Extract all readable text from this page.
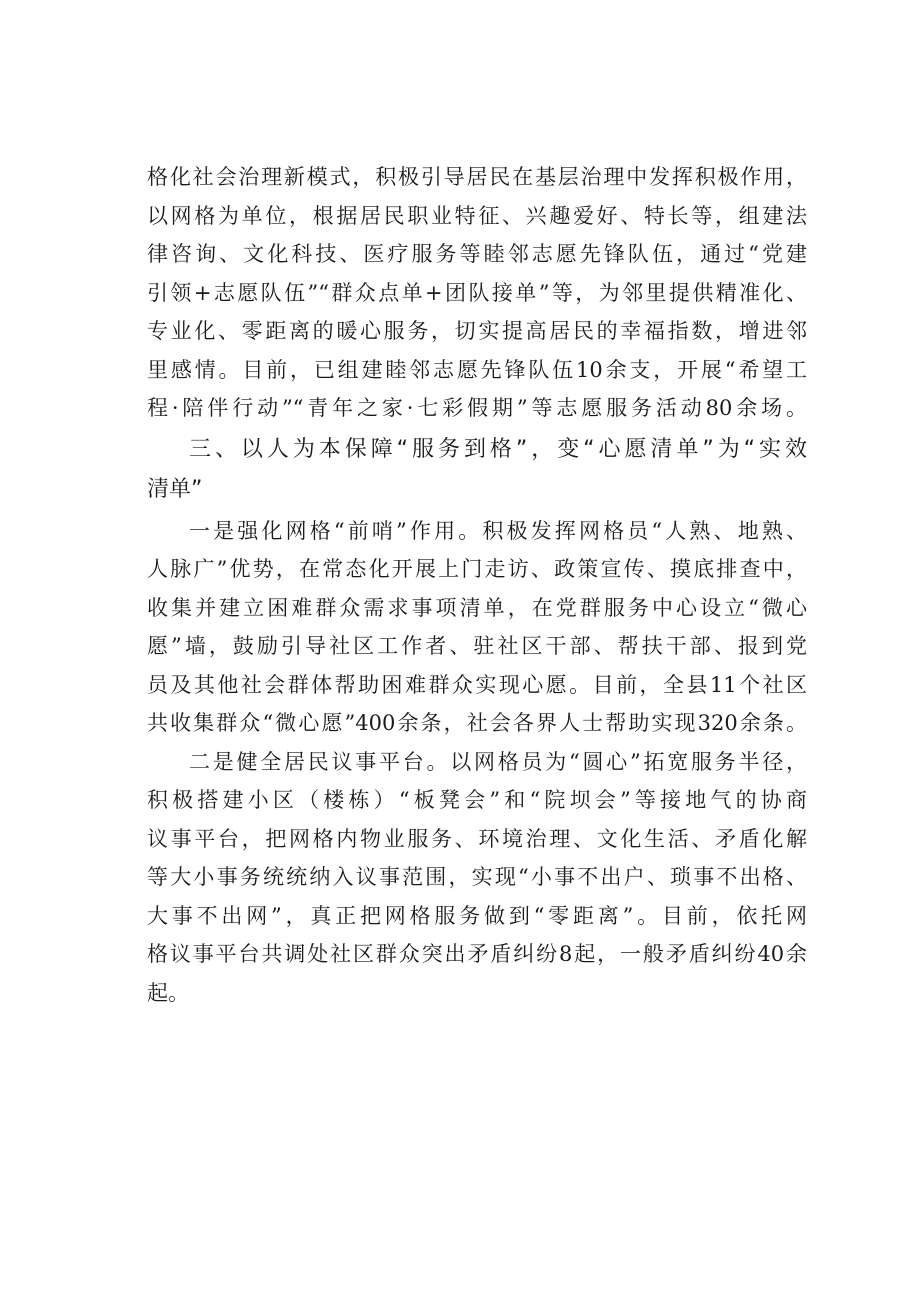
格化社会治理新模式，积极引导居民在基层治理中发挥积极作用，
以网格为单位，根据居民职业特征、兴趣爱好、特长等，组建法
律咨询、文化科技、医疗服务等睦邻志愿先锋队伍，通过“党建
引领+志愿队伍”“群众点单+团队接单”等，为邻里提供精准化、
专业化、零距离的暖心服务，切实提高居民的幸福指数，增进邻
里感情。目前，已组建睦邻志愿先锋队伍10余支，开展“希望工
程·陪伴行动”“青年之家·七彩假期”等志愿服务活动80余场。
三、以人为本保障“服务到格”，变“心愿清单”为“实效
清单”
一是强化网格“前哨”作用。积极发挥网格员“人熟、地熟、
人脉广”优势，在常态化开展上门走访、政策宣传、摸底排查中，
收集并建立困难群众需求事项清单，在党群服务中心设立“微心
愿”墙，鼓励引导社区工作者、驻社区干部、帮扶干部、报到党
员及其他社会群体帮助困难群众实现心愿。目前，全县11个社区
共收集群众“微心愿”400余条，社会各界人士帮助实现320余条。
二是健全居民议事平台。以网格员为“圆心”拓宽服务半径，
积极搭建小区（楼栋）“板凳会”和“院坝会”等接地气的协商
议事平台，把网格内物业服务、环境治理、文化生活、矛盾化解
等大小事务统统纳入议事范围，实现“小事不出户、琐事不出格、
大事不出网”，真正把网格服务做到“零距离”。目前，依托网
格议事平台共调处社区群众突出矛盾纠纷8起，一般矛盾纠纷40余
起。
